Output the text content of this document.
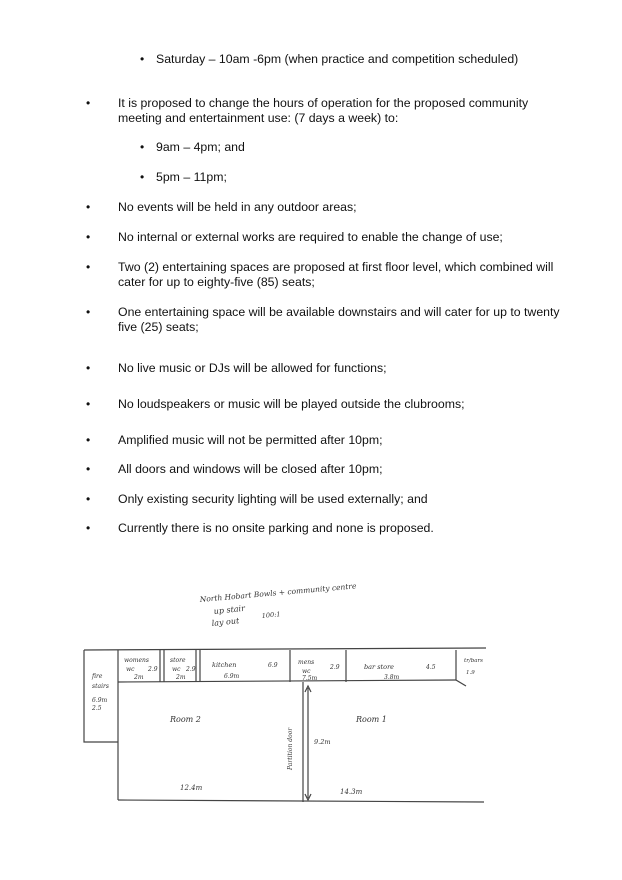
• Saturday – 10am -6pm (when practice and competition scheduled)
• It is proposed to change the hours of operation for the proposed community meeting and entertainment use: (7 days a week) to:
• 9am – 4pm; and
• 5pm – 11pm;
• No events will be held in any outdoor areas;
• No internal or external works are required to enable the change of use;
• Two (2) entertaining spaces are proposed at first floor level, which combined will cater for up to eighty-five (85) seats;
• One entertaining space will be available downstairs and will cater for up to twenty five (25) seats;
• No live music or DJs will be allowed for functions;
• No loudspeakers or music will be played outside the clubrooms;
• Amplified music will not be permitted after 10pm;
• All doors and windows will be closed after 10pm;
• Only existing security lighting will be used externally; and
• Currently there is no onsite parking and none is proposed.
North Hobart Bowls + community centre
up stair 100:1
lay out
womens
wc 2.9
2m
store
wc 2.9
2m
kitchen	6.9
6.9m
mens
wc
2.9
7.5m
bar store	4.5
3.8m
tr/bars
1.9
fire
stairs
6.9m
2.5
Room 2	Room 1
Partition door	9.2m
12.4m	14.3m
